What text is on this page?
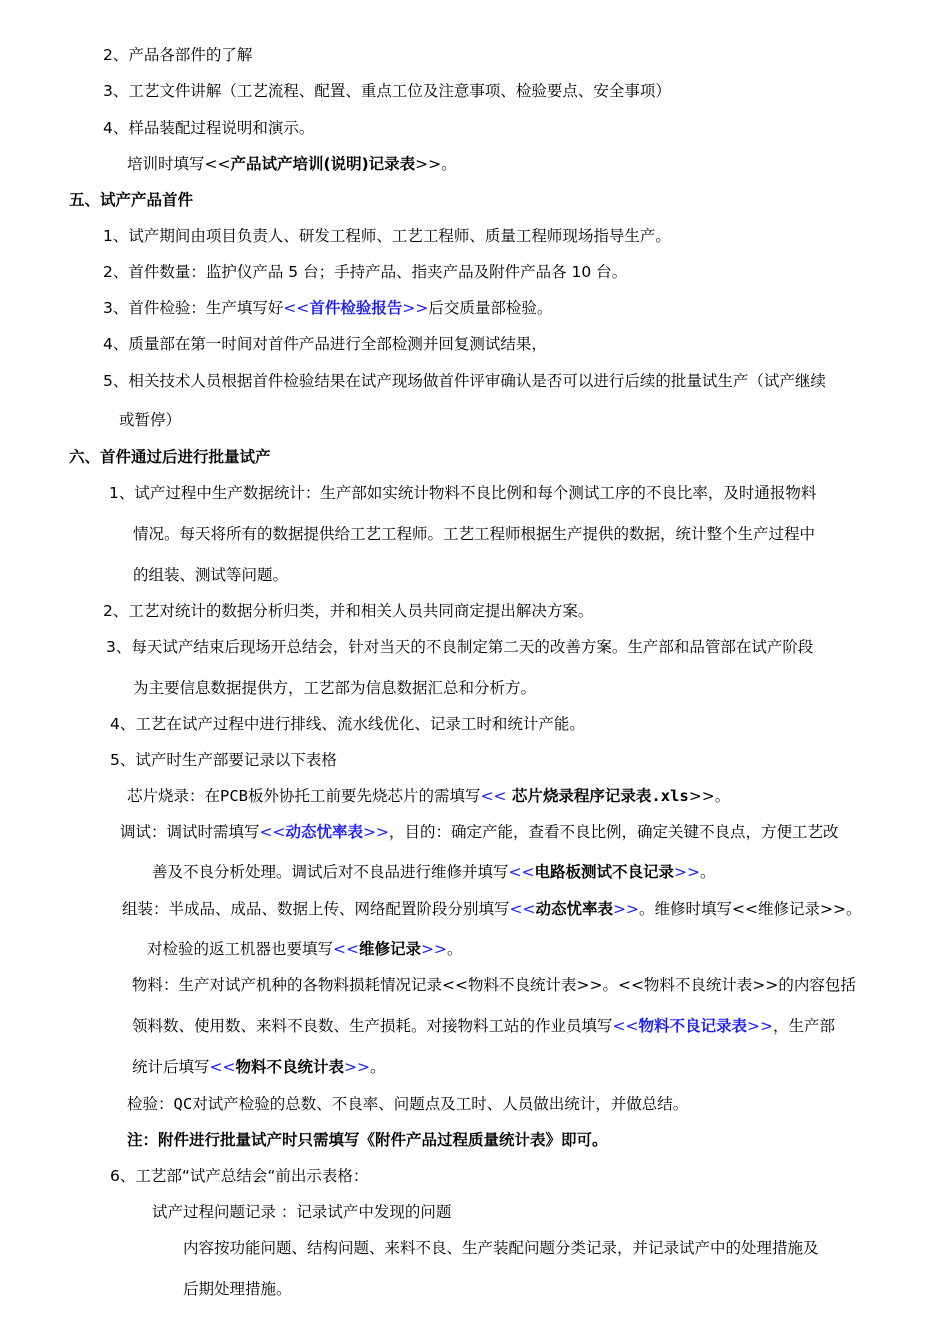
2、产品各部件的了解
3、工艺文件讲解（工艺流程、配置、重点工位及注意事项、检验要点、安全事项）
4、样品装配过程说明和演示。
培训时填写<<产品试产培训(说明)记录表>>。
五、试产产品首件
1、试产期间由项目负责人、研发工程师、工艺工程师、质量工程师现场指导生产。
2、首件数量：监护仪产品 5 台；手持产品、指夹产品及附件产品各 10 台。
3、首件检验：生产填写好<<首件检验报告>>后交质量部检验。
4、质量部在第一时间对首件产品进行全部检测并回复测试结果，
5、相关技术人员根据首件检验结果在试产现场做首件评审确认是否可以进行后续的批量试生产（试产继续
或暂停）
六、首件通过后进行批量试产
1、试产过程中生产数据统计：生产部如实统计物料不良比例和每个测试工序的不良比率，及时通报物料
情况。每天将所有的数据提供给工艺工程师。工艺工程师根据生产提供的数据，统计整个生产过程中
的组装、测试等问题。
2、工艺对统计的数据分析归类，并和相关人员共同商定提出解决方案。
3、每天试产结束后现场开总结会，针对当天的不良制定第二天的改善方案。生产部和品管部在试产阶段
为主要信息数据提供方，工艺部为信息数据汇总和分析方。
4、工艺在试产过程中进行排线、流水线优化、记录工时和统计产能。
5、试产时生产部要记录以下表格
芯片烧录：在PCB板外协托工前要先烧芯片的需填写<< 芯片烧录程序记录表.xls>>。
调试：调试时需填写<<动态忧率表>>，目的：确定产能，查看不良比例，确定关键不良点，方便工艺改
善及不良分析处理。调试后对不良品进行维修并填写<<电路板测试不良记录>>。
组装：半成品、成品、数据上传、网络配置阶段分别填写<<动态忧率表>>。维修时填写<<维修记录>>。
对检验的返工机器也要填写<<维修记录>>。
物料：生产对试产机种的各物料损耗情况记录<<物料不良统计表>>。<<物料不良统计表>>的内容包括
领料数、使用数、来料不良数、生产损耗。对接物料工站的作业员填写<<物料不良记录表>>，生产部
统计后填写<<物料不良统计表>>。
检验：QC对试产检验的总数、不良率、问题点及工时、人员做出统计，并做总结。
注：附件进行批量试产时只需填写《附件产品过程质量统计表》即可。
6、工艺部“试产总结会“前出示表格：
试产过程问题记录 ：记录试产中发现的问题
内容按功能问题、结构问题、来料不良、生产装配问题分类记录，并记录试产中的处理措施及
后期处理措施。
